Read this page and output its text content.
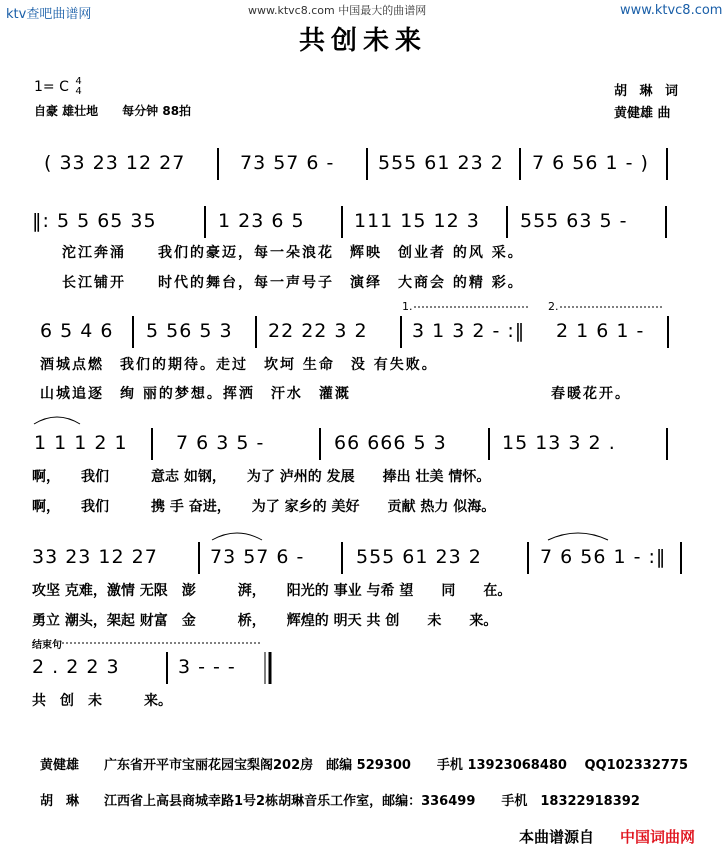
ktv查吧曲谱网	www.ktvc8.com 中国最大的曲谱网	www.ktvc8.com
共创未来
1= C 4
4
自豪 雄壮地　　每分钟 88拍
胡 琳 词
黄健雄 曲
( 33 23 12 27	73 57 6 - 555 61 23 2 7 6 56 1 - )
‖: 5 5 65 35	1 23 6 5	111 15 12 3 555 63 5 -
沱江奔涌　　我们的豪迈，每一朵浪花　辉映　创业者 的风 采。
长江铺开　　时代的舞台，每一声号子　演绎　大商会 的精 彩。
1.	2.
6 5 4 6 5 56 5 3 22 22 3 2 3 1 3 2 - :‖ 2 1 6 1 -
酒城点燃　我们的期待。走过　坎坷 生命　没 有失败。
山城追逐　绚 丽的梦想。挥洒　汗水　灌溉	春暖花开。
1 1 1 2 1	7 6 3 5 -	66 666 5 3	15 13 3 2 .
啊，　　我们　　　意志 如钢，　　为了 泸州的 发展　　捧出 壮美 情怀。
啊，　　我们　　　携 手 奋进，　　为了 家乡的 美好　　贡献 热力 似海。
33 23 12 27	73 57 6 -	555 61 23 2	7 6 56 1 - :‖
攻坚 克难，激情 无限　澎　　　湃，　　阳光的 事业 与希 望　　同　　在。
勇立 潮头，架起 财富　金　　　桥，　　辉煌的 明天 共 创　　未　　来。
结束句
2 . 2 2 3	3 - - -
共　创　未　　　来。
黄健雄 广东省开平市宝丽花园宝梨阁202房　邮编 529300　　手机 13923068480　 QQ102332775
胡　琳 江西省上高县商城幸路1号2栋胡琳音乐工作室，邮编：336499　　手机　18322918392
本曲谱源自 中国词曲网
